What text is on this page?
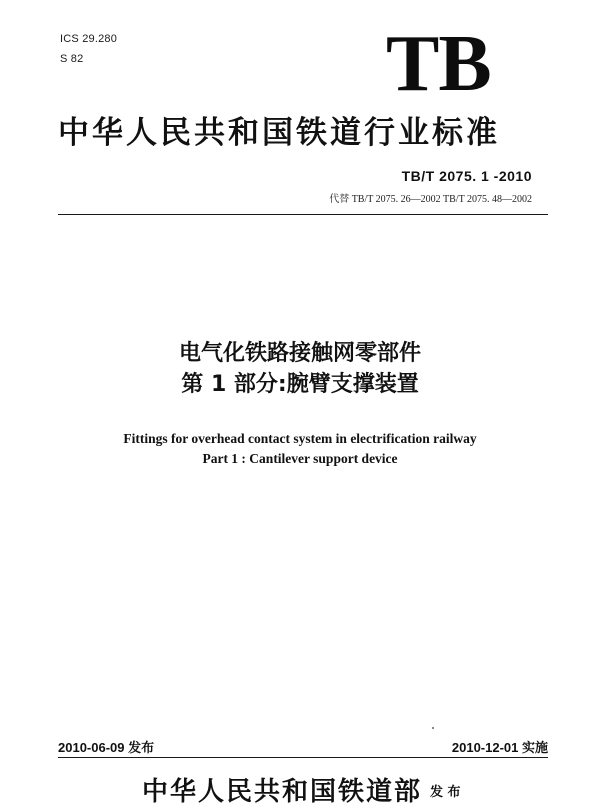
ICS 29.280
S 82	TB
中华人民共和国铁道行业标准
TB/T 2075. 1 -2010
代替 TB/T 2075. 26—2002 TB/T 2075. 48—2002
电气化铁路接触网零部件
第 1 部分:腕臂支撑装置
Fittings for overhead contact system in electrification railway
Part 1 : Cantilever support device
2010-06-09 发布	2010-12-01 实施
中华人民共和国铁道部 发 布
